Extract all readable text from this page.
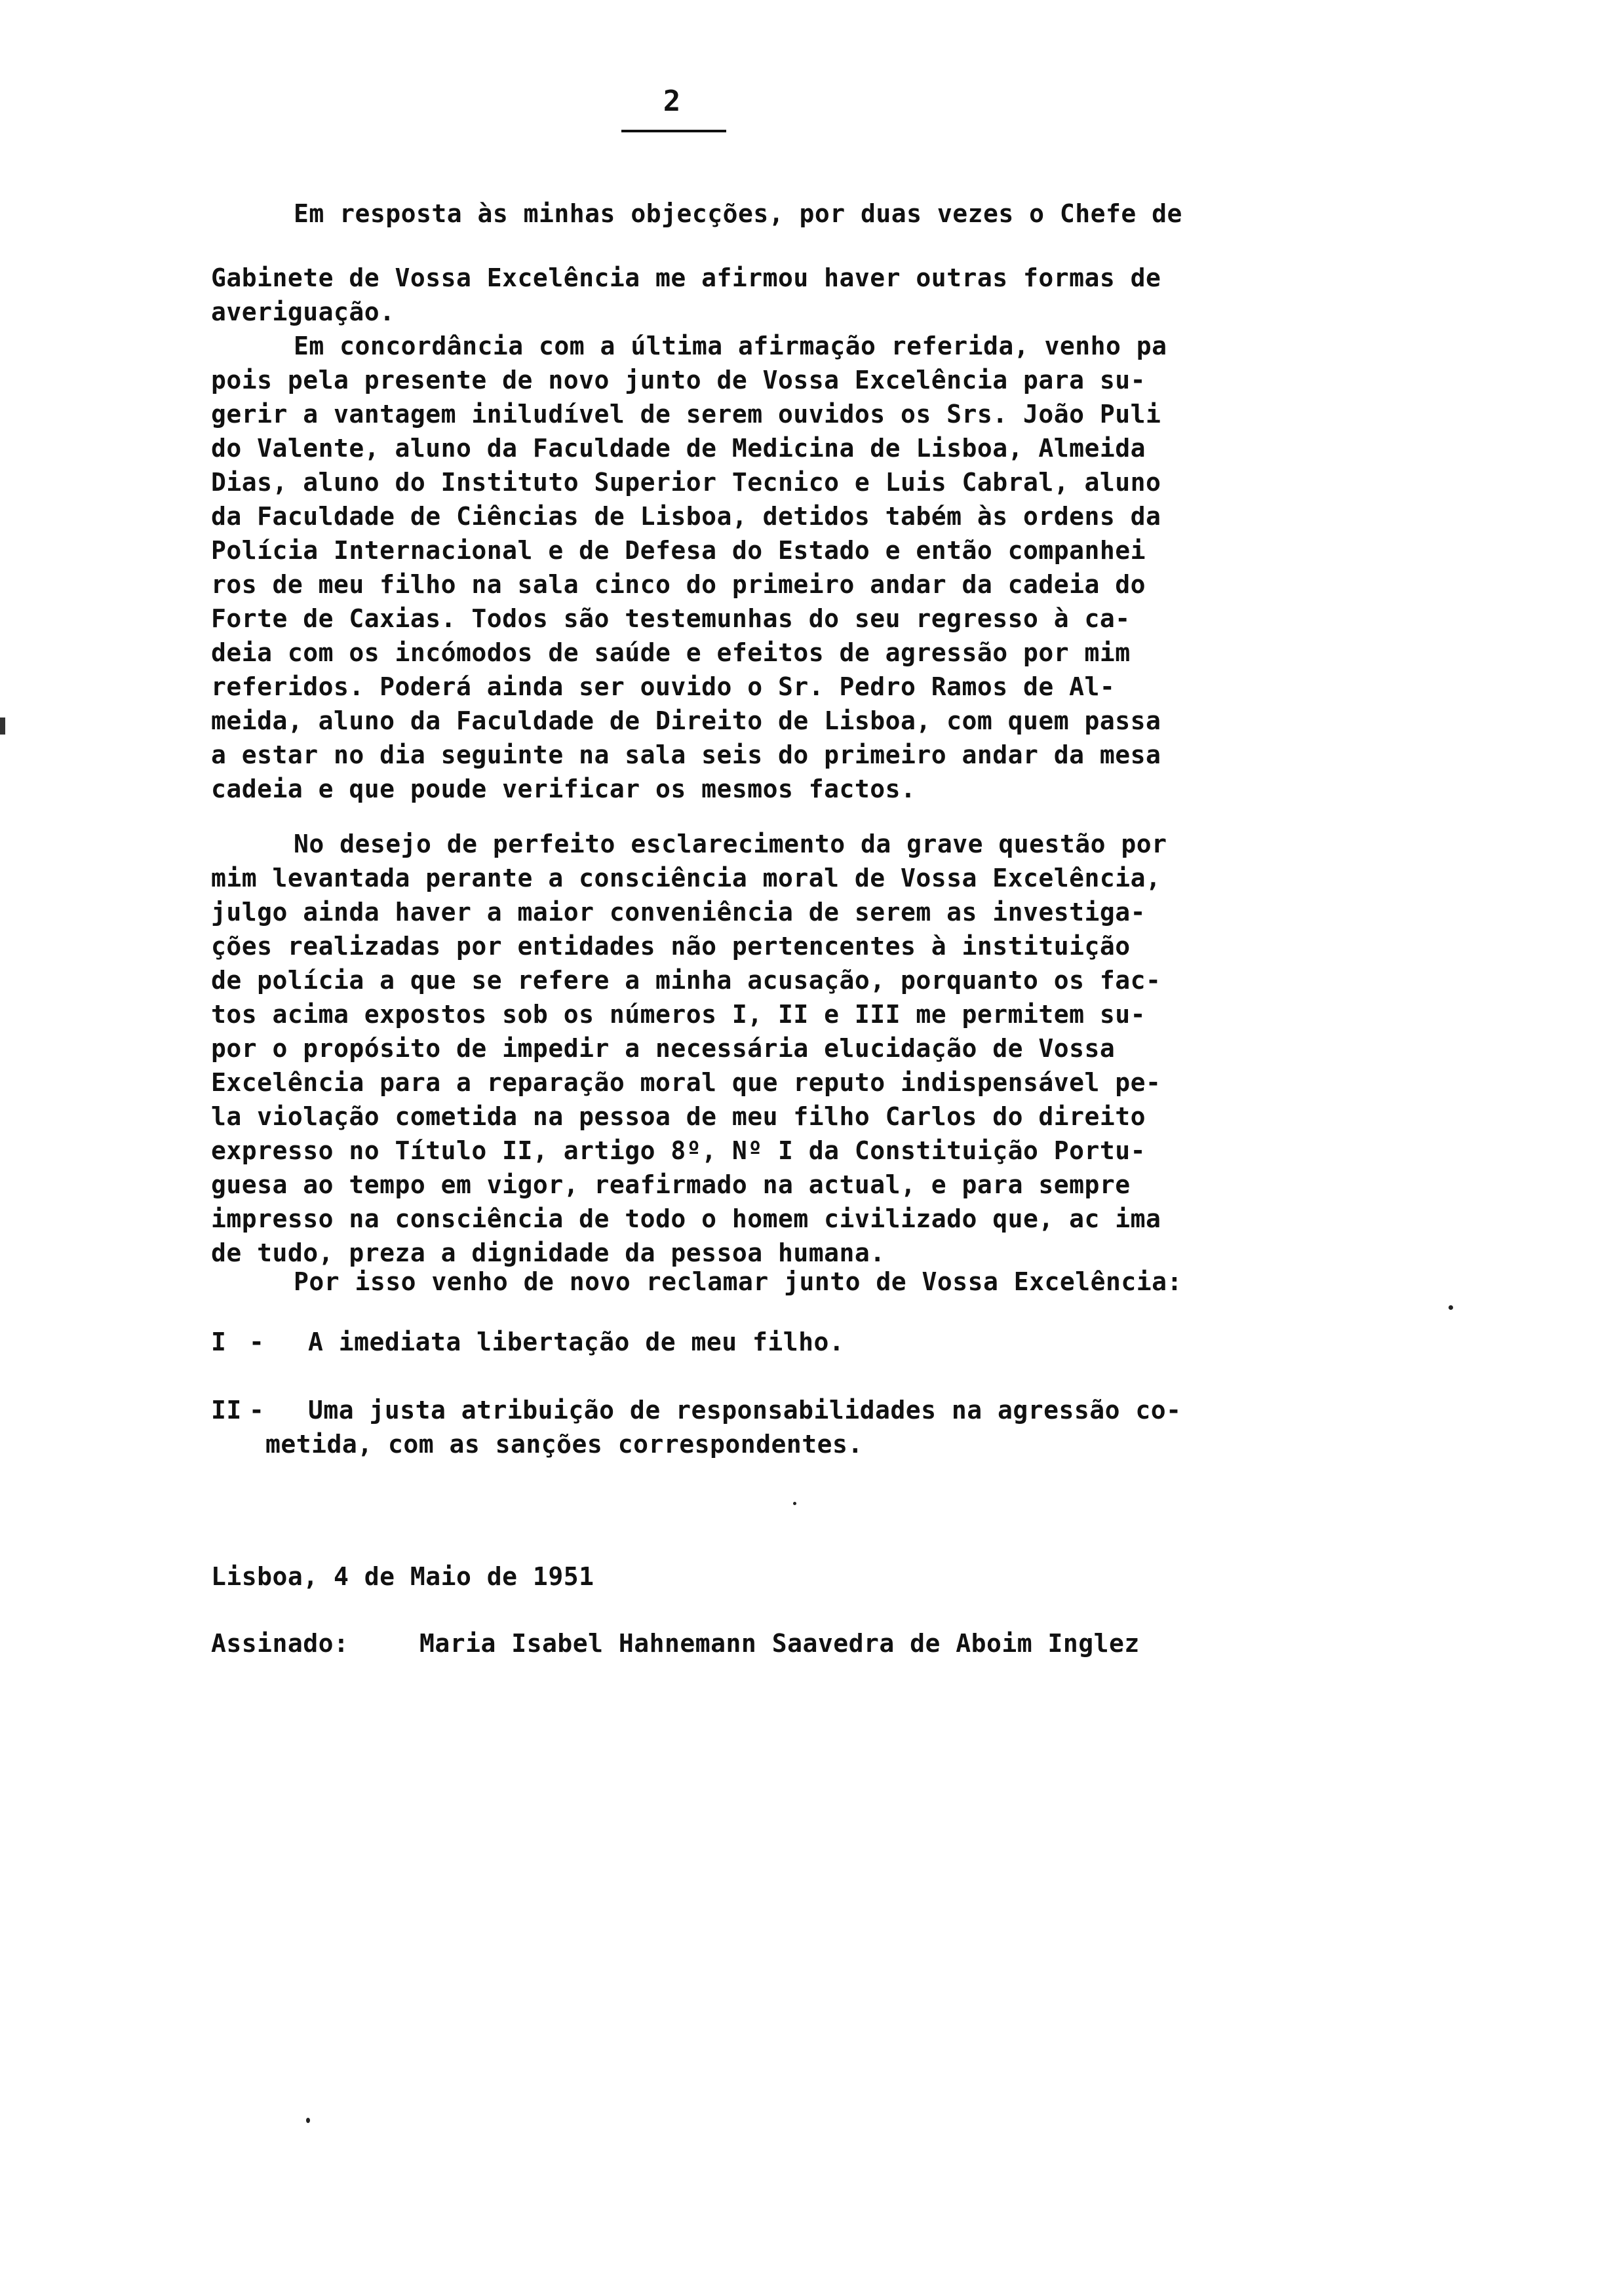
2
Em resposta às minhas objecções, por duas vezes o Chefe de
Gabinete de Vossa Excelência me afirmou haver outras formas de
averiguação.
Em concordância com a última afirmação referida, venho pa
pois pela presente de novo junto de Vossa Excelência para su-
gerir a vantagem iniludível de serem ouvidos os Srs. João Puli
do Valente, aluno da Faculdade de Medicina de Lisboa, Almeida
Dias, aluno do Instituto Superior Tecnico e Luis Cabral, aluno
da Faculdade de Ciências de Lisboa, detidos tabém às ordens da
Polícia Internacional e de Defesa do Estado e então companhei
ros de meu filho na sala cinco do primeiro andar da cadeia do
Forte de Caxias. Todos são testemunhas do seu regresso à ca-
deia com os incómodos de saúde e efeitos de agressão por mim
referidos. Poderá ainda ser ouvido o Sr. Pedro Ramos de Al-
meida, aluno da Faculdade de Direito de Lisboa, com quem passa
a estar no dia seguinte na sala seis do primeiro andar da mesa
cadeia e que poude verificar os mesmos factos.
No desejo de perfeito esclarecimento da grave questão por
mim levantada perante a consciência moral de Vossa Excelência,
julgo ainda haver a maior conveniência de serem as investiga-
ções realizadas por entidades não pertencentes à instituição
de polícia a que se refere a minha acusação, porquanto os fac-
tos acima expostos sob os números I, II e III me permitem su-
por o propósito de impedir a necessária elucidação de Vossa
Excelência para a reparação moral que reputo indispensável pe-
la violação cometida na pessoa de meu filho Carlos do direito
expresso no Título II, artigo 8º, Nº I da Constituição Portu-
guesa ao tempo em vigor, reafirmado na actual, e para sempre
impresso na consciência de todo o homem civilizado que, ac ima
de tudo, preza a dignidade da pessoa humana.
Por isso venho de novo reclamar junto de Vossa Excelência:
I - A imediata libertação de meu filho.
II - Uma justa atribuição de responsabilidades na agressão co-
metida, com as sanções correspondentes.
Lisboa, 4 de Maio de 1951
Assinado:	Maria Isabel Hahnemann Saavedra de Aboim Inglez
